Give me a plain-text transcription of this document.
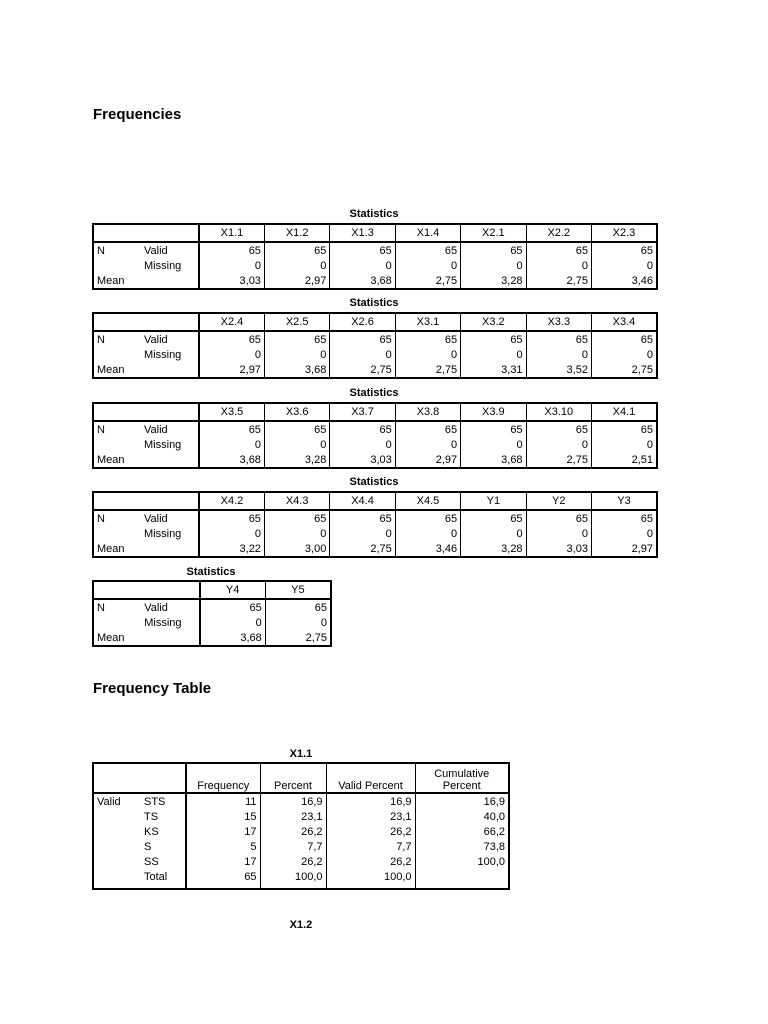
Frequencies
Statistics
		X1.1	X1.2	X1.3	X1.4	X2.1	X2.2	X2.3
N	Valid	65	65	65	65	65	65	65
	Missing	0	0	0	0	0	0	0
Mean		3,03	2,97	3,68	2,75	3,28	2,75	3,46
Statistics
		X2.4	X2.5	X2.6	X3.1	X3.2	X3.3	X3.4
N	Valid	65	65	65	65	65	65	65
	Missing	0	0	0	0	0	0	0
Mean		2,97	3,68	2,75	2,75	3,31	3,52	2,75
Statistics
		X3.5	X3.6	X3.7	X3.8	X3.9	X3.10	X4.1
N	Valid	65	65	65	65	65	65	65
	Missing	0	0	0	0	0	0	0
Mean		3,68	3,28	3,03	2,97	3,68	2,75	2,51
Statistics
		X4.2	X4.3	X4.4	X4.5	Y1	Y2	Y3
N	Valid	65	65	65	65	65	65	65
	Missing	0	0	0	0	0	0	0
Mean		3,22	3,00	2,75	3,46	3,28	3,03	2,97
Statistics
		Y4	Y5
N	Valid	65	65
	Missing	0	0
Mean		3,68	2,75
Frequency Table
X1.1
		Frequency	Percent	Valid Percent	Cumulative Percent
Valid	STS	11	16,9	16,9	16,9
	TS	15	23,1	23,1	40,0
	KS	17	26,2	26,2	66,2
	S	5	7,7	7,7	73,8
	SS	17	26,2	26,2	100,0
	Total	65	100,0	100,0	
X1.2
